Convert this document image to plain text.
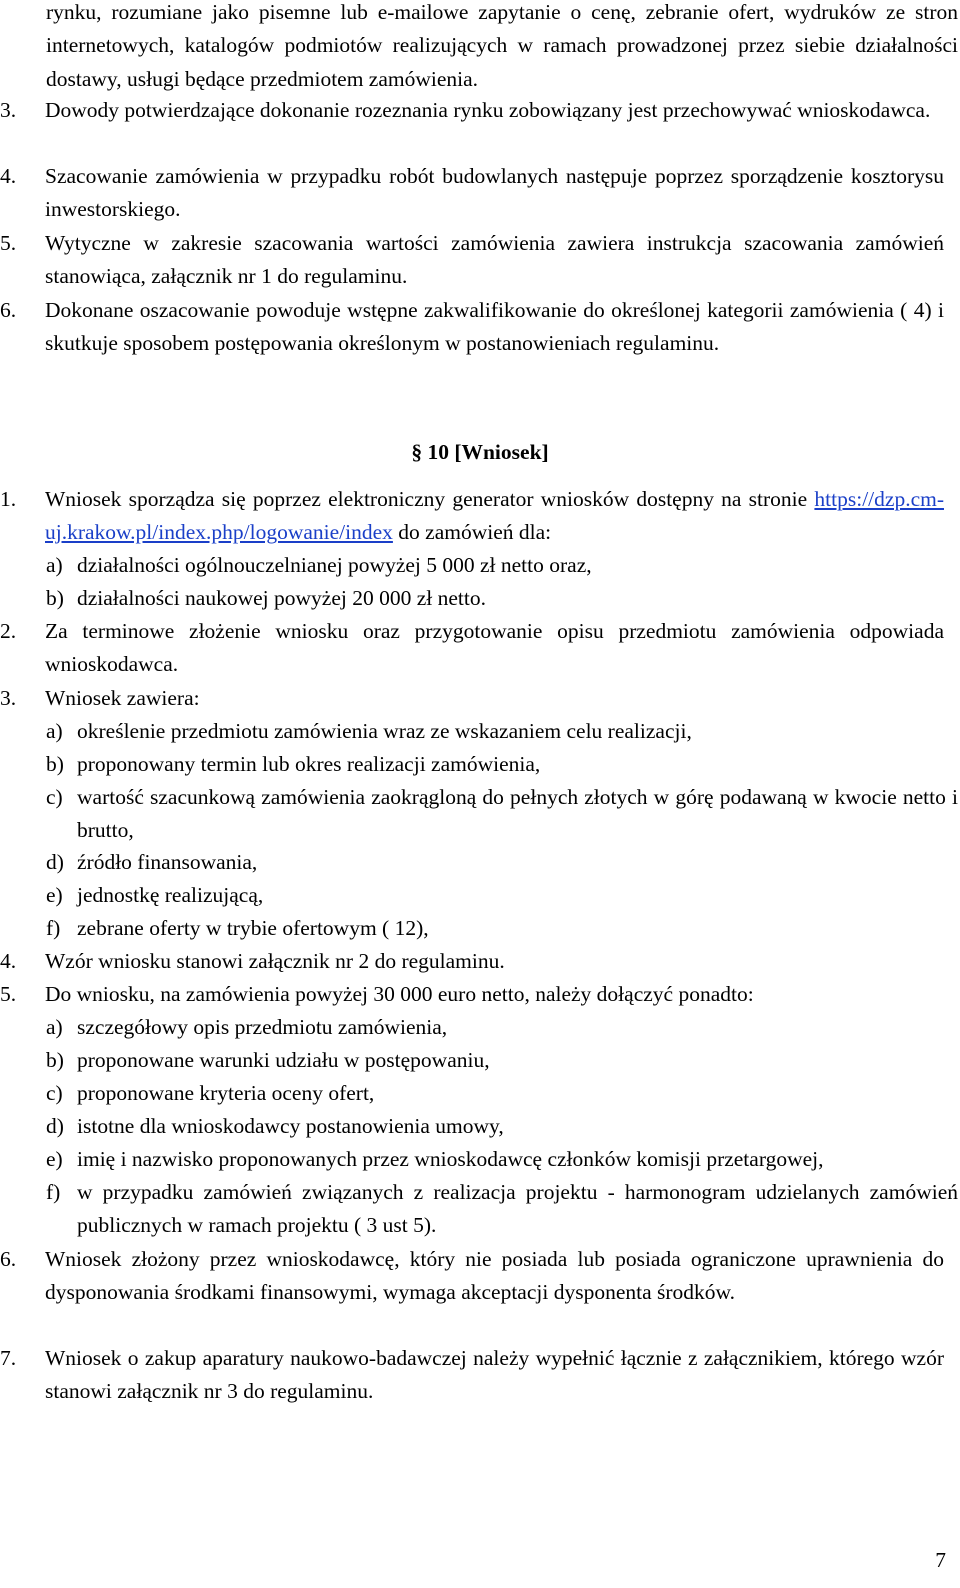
rynku, rozumiane jako pisemne lub e-mailowe zapytanie o cenę, zebranie ofert, wydruków ze stron internetowych, katalogów podmiotów realizujących w ramach prowadzonej przez siebie działalności dostawy, usługi będące przedmiotem zamówienia.
3.	Dowody potwierdzające dokonanie rozeznania rynku zobowiązany jest przechowywać wnioskodawca.
4.	Szacowanie zamówienia w przypadku robót budowlanych następuje poprzez sporządzenie kosztorysu inwestorskiego.
5.	Wytyczne w zakresie szacowania wartości zamówienia zawiera instrukcja szacowania zamówień stanowiąca, załącznik nr 1 do regulaminu.
6.	Dokonane oszacowanie powoduje wstępne zakwalifikowanie do określonej kategorii zamówienia ( 4) i skutkuje sposobem postępowania określonym w postanowieniach regulaminu.
§ 10 [Wniosek]
1.	Wniosek sporządza się poprzez elektroniczny generator wniosków dostępny na stronie https://dzp.cm-uj.krakow.pl/index.php/logowanie/index do zamówień dla:
a) działalności ogólnouczelnianej powyżej 5 000 zł netto oraz,
b) działalności naukowej powyżej 20 000 zł netto.
2.	Za terminowe złożenie wniosku oraz przygotowanie opisu przedmiotu zamówienia odpowiada wnioskodawca.
3.	Wniosek zawiera:
a) określenie przedmiotu zamówienia wraz ze wskazaniem celu realizacji,
b) proponowany termin lub okres realizacji zamówienia,
c) wartość szacunkową zamówienia zaokrągloną do pełnych złotych w górę podawaną w kwocie netto i brutto,
d) źródło finansowania,
e) jednostkę realizującą,
f) zebrane oferty w trybie ofertowym ( 12),
4.	Wzór wniosku stanowi załącznik nr 2 do regulaminu.
5.	Do wniosku, na zamówienia powyżej 30 000 euro netto, należy dołączyć ponadto:
a) szczegółowy opis przedmiotu zamówienia,
b) proponowane warunki udziału w postępowaniu,
c) proponowane kryteria oceny ofert,
d) istotne dla wnioskodawcy postanowienia umowy,
e) imię i nazwisko proponowanych przez wnioskodawcę członków komisji przetargowej,
f) w przypadku zamówień związanych z realizacja projektu - harmonogram udzielanych zamówień publicznych w ramach projektu ( 3 ust 5).
6.	Wniosek złożony przez wnioskodawcę, który nie posiada lub posiada ograniczone uprawnienia do dysponowania środkami finansowymi, wymaga akceptacji dysponenta środków.
7.	Wniosek o zakup aparatury naukowo-badawczej należy wypełnić łącznie z załącznikiem, którego wzór stanowi załącznik nr 3 do regulaminu.
7
